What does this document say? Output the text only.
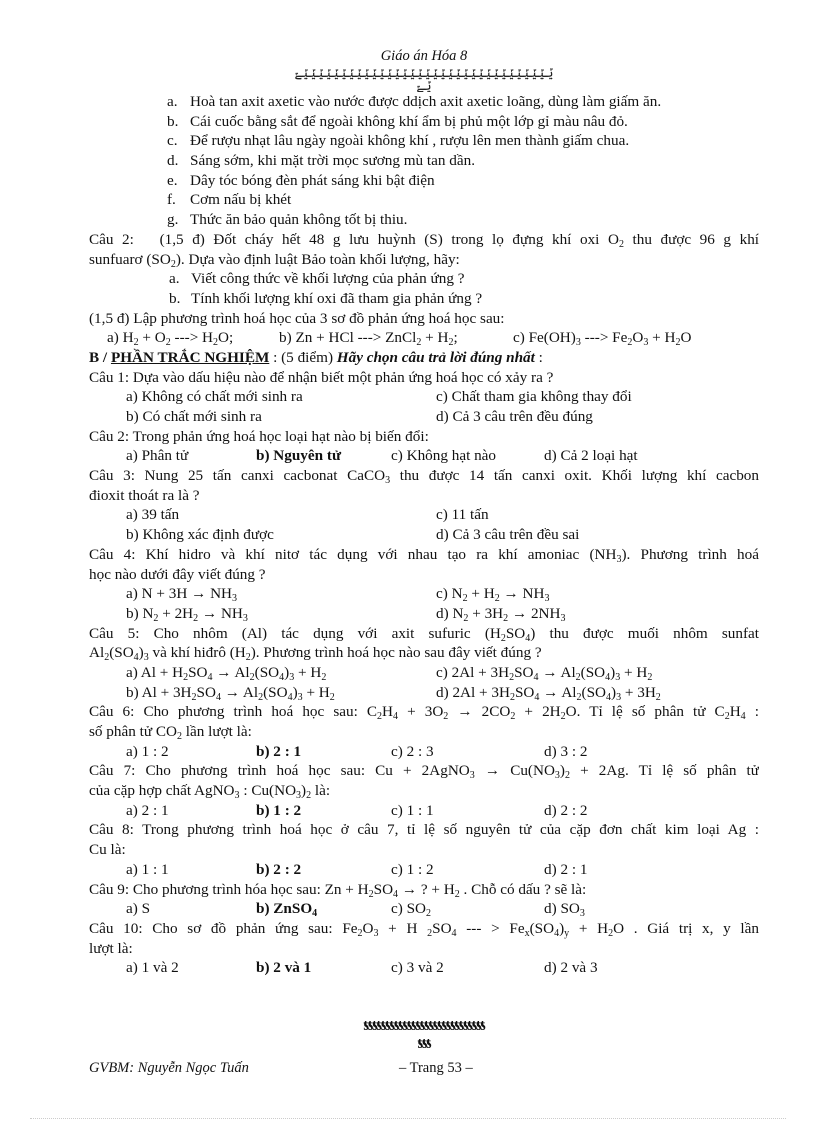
Giáo án Hóa 8
ݻݻݻݻݻݻݻݻݻݻݻݻݻݻݻݻݻݻݻݻݻݻݻݻݻݻݻݻݻݻݻݻݻݻ
ݻݻ
a. Hoà tan axit axetic vào nước được ddịch axit axetic loãng, dùng làm giấm ăn.
b. Cái cuốc bằng sắt để ngoài không khí ẩm bị phủ một lớp gỉ màu nâu đỏ.
c. Để rượu nhạt lâu ngày ngoài không khí , rượu lên men thành giấm chua.
d. Sáng sớm, khi mặt trời mọc sương mù tan dần.
e. Dây tóc bóng đèn phát sáng khi bật điện
f. Cơm nấu bị khét
g. Thức ăn bảo quản không tốt bị thiu.
Câu 2: (1,5 đ) Đốt cháy hết 48 g lưu huỳnh (S) trong lọ đựng khí oxi $O_2$ thu được 96 g khí
sunfuarơ $(SO_2)$. Dựa vào định luật Bảo toàn khối lượng, hãy:
a. Viết công thức về khối lượng của phản ứng ?
b. Tính khối lượng khí oxi đã tham gia phản ứng ?
(1,5 đ) Lập phương trình hoá học của 3 sơ đồ phản ứng hoá học sau:
a) $H_2 + O_2$ ---> $H_2O$;	b) Zn + HCl ---> ZnCl$_2$ + $H_2$;	c) $Fe(OH)_3$ ---> $Fe_2O_3 + H_2O$
B / PHẦN TRẮC NGHIỆM : (5 điểm) Hãy chọn câu trả lời đúng nhất :
Câu 1: Dựa vào dấu hiệu nào để nhận biết một phản ứng hoá học có xảy ra ?
a) Không có chất mới sinh ra	c) Chất tham gia không thay đổi
b) Có chất mới sinh ra	d) Cả 3 câu trên đều đúng
Câu 2: Trong phản ứng hoá học loại hạt nào bị biến đổi:
a) Phân tử	b) Nguyên tử	c) Không hạt nào	d) Cả 2 loại hạt
Câu 3: Nung 25 tấn canxi cacbonat CaCO$_3$ thu được 14 tấn canxi oxit. Khối lượng khí cacbon
đioxit thoát ra là ?
a) 39 tấn	c) 11 tấn
b) Không xác định được	d) Cả 3 câu trên đều sai
Câu 4: Khí hidro và khí nitơ tác dụng với nhau tạo ra khí amoniac $(NH_3)$. Phương trình hoá
học nào dưới đây viết đúng ?
a) $N + 3H \to NH_3$	c) $N_2 + H_2 \to NH_3$
b) $N_2 + 2H_2 \to NH_3$	d) $N_2 + 3H_2 \to 2NH_3$
Câu 5: Cho nhôm (Al) tác dụng với axit sufuric $(H_2SO_4)$ thu được muối nhôm sunfat
$Al_2(SO_4)_3$ và khí hiđrô $(H_2)$. Phương trình hoá học nào sau đây viết đúng ?
a) $Al + H_2SO_4 \to Al_2(SO_4)_3 + H_2$	c) $2Al + 3H_2SO_4 \to Al_2(SO_4)_3 + H_2$
b) $Al + 3H_2SO_4 \to Al_2(SO_4)_3 + H_2$	d) $2Al + 3H_2SO_4 \to Al_2(SO_4)_3 + 3H_2$
Câu 6: Cho phương trình hoá học sau: $C_2H_4 + 3O_2 \to 2CO_2 + 2H_2O$. Tỉ lệ số phân tử $C_2H_4$ :
số phân tử $CO_2$ lần lượt là:
a) 1 : 2	b) 2 : 1	c) 2 : 3	d) 3 : 2
Câu 7: Cho phương trình hoá học sau: Cu + 2AgNO$_3$ → $Cu(NO_3)_2 + 2Ag$. Tỉ lệ số phân tử
của cặp hợp chất AgNO$_3$ : $Cu(NO_3)_2$ là:
a) 2 : 1	b) 1 : 2	c) 1 : 1	d) 2 : 2
Câu 8: Trong phương trình hoá học ở câu 7, tỉ lệ số nguyên tử của cặp đơn chất kim loại Ag :
Cu là:
a) 1 : 1	b) 2 : 2	c) 1 : 2	d) 2 : 1
Câu 9: Cho phương trình hóa học sau: $Zn + H_2SO_4$ → ? + $H_2$ . Chỗ có dấu ? sẽ là:
a) S	b) ZnSO$_4$	c) $SO_2$	d) $SO_3$
Câu 10: Cho sơ đồ phản ứng sau: $Fe_2O_3 + H$ $_2SO_4$ --- > $Fe_x(SO_4)_y + H_2O$ . Giá trị x, y lần
lượt là:
a) 1 và 2	b) 2 và 1	c) 3 và 2	d) 2 và 3
ƾƾƾƾƾƾƾƾƾƾƾƾƾƾƾƾƾƾƾƾƾƾƾƾƾƾƾƾ
ƾƾƾ
GVBM: Nguyễn Ngọc Tuấn	– Trang 53 –
